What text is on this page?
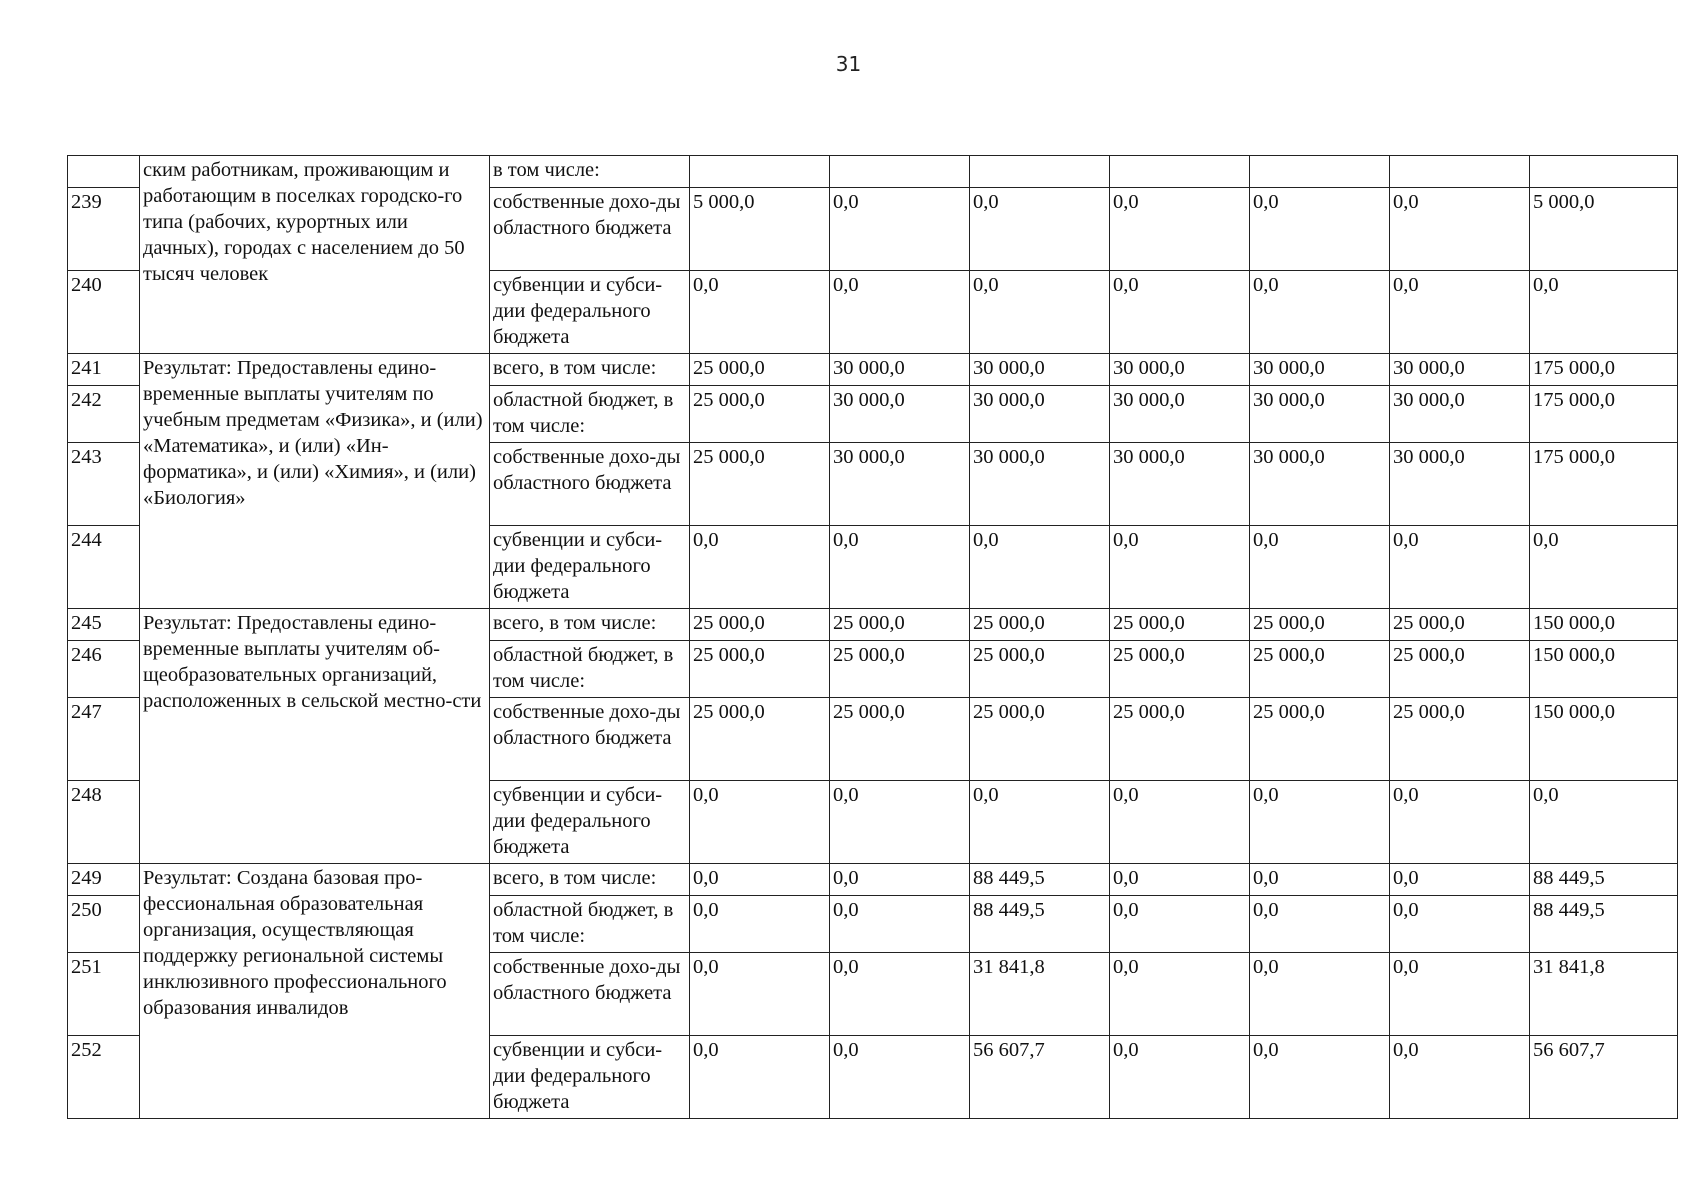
31
	ским работникам, проживающим и работающим в поселках городско-го типа (рабочих, курортных или дачных), городах с населением до 50 тысяч человек	в том числе:							
239		собственные дохо-ды областного бюджета	5 000,0	0,0	0,0	0,0	0,0	0,0	5 000,0
240		субвенции и субси-дии федерального бюджета	0,0	0,0	0,0	0,0	0,0	0,0	0,0
241	Результат: Предоставлены едино-временные выплаты учителям по учебным предметам «Физика», и (или) «Математика», и (или) «Ин-форматика», и (или) «Химия», и (или) «Биология»	всего, в том числе:	25 000,0	30 000,0	30 000,0	30 000,0	30 000,0	30 000,0	175 000,0
242		областной бюджет, в том числе:	25 000,0	30 000,0	30 000,0	30 000,0	30 000,0	30 000,0	175 000,0
243		собственные дохо-ды областного бюджета	25 000,0	30 000,0	30 000,0	30 000,0	30 000,0	30 000,0	175 000,0
244		субвенции и субси-дии федерального бюджета	0,0	0,0	0,0	0,0	0,0	0,0	0,0
245	Результат: Предоставлены едино-временные выплаты учителям об-щеобразовательных организаций, расположенных в сельской местно-сти	всего, в том числе:	25 000,0	25 000,0	25 000,0	25 000,0	25 000,0	25 000,0	150 000,0
246		областной бюджет, в том числе:	25 000,0	25 000,0	25 000,0	25 000,0	25 000,0	25 000,0	150 000,0
247		собственные дохо-ды областного бюджета	25 000,0	25 000,0	25 000,0	25 000,0	25 000,0	25 000,0	150 000,0
248		субвенции и субси-дии федерального бюджета	0,0	0,0	0,0	0,0	0,0	0,0	0,0
249	Результат: Создана базовая про-фессиональная образовательная организация, осуществляющая поддержку региональной системы инклюзивного профессионального образования инвалидов	всего, в том числе:	0,0	0,0	88 449,5	0,0	0,0	0,0	88 449,5
250		областной бюджет, в том числе:	0,0	0,0	88 449,5	0,0	0,0	0,0	88 449,5
251		собственные дохо-ды областного бюджета	0,0	0,0	31 841,8	0,0	0,0	0,0	31 841,8
252		субвенции и субси-дии федерального бюджета	0,0	0,0	56 607,7	0,0	0,0	0,0	56 607,7
